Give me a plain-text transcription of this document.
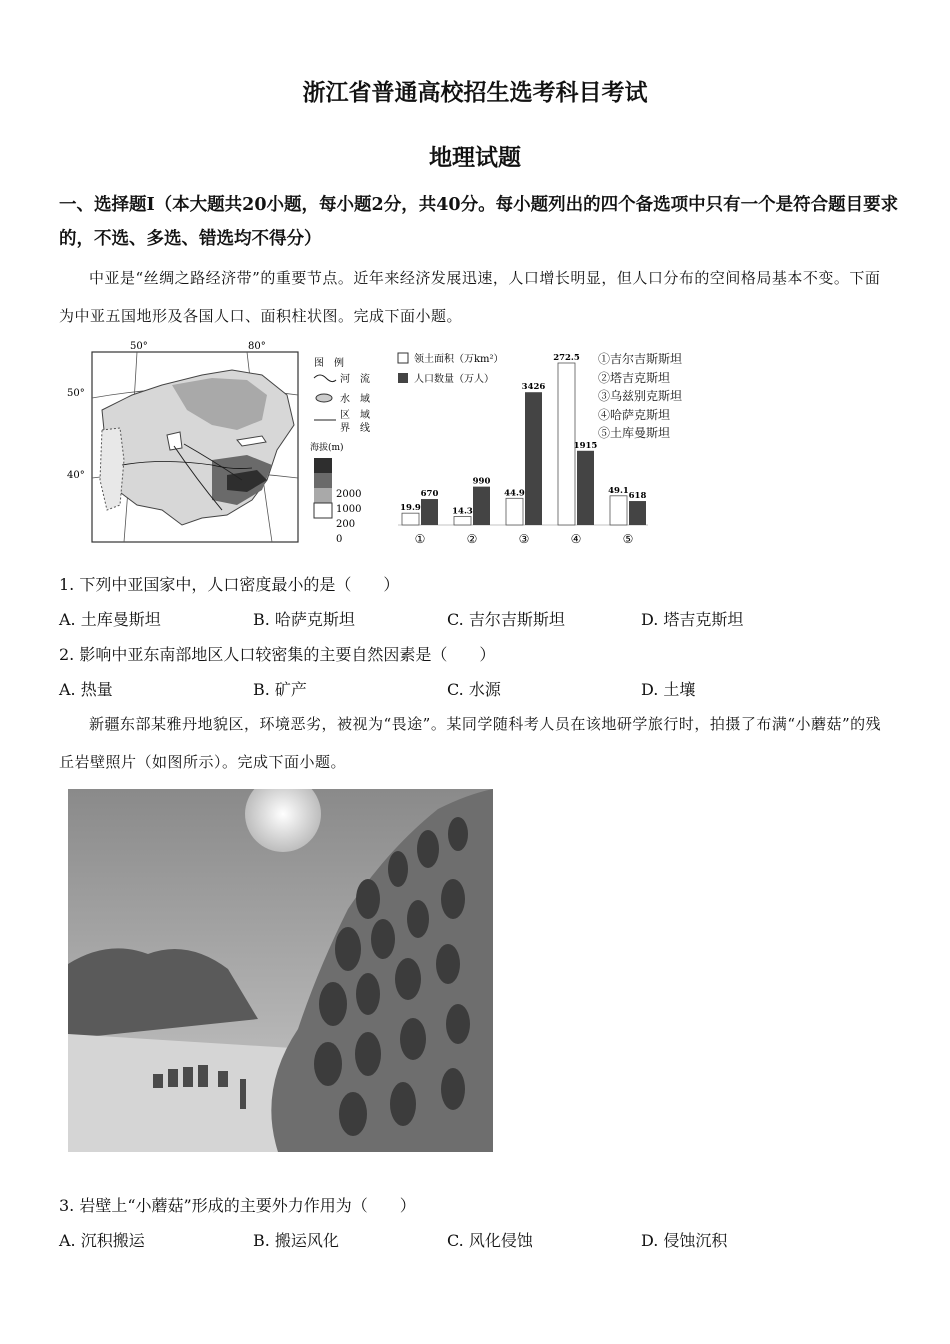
浙江省普通高校招生选考科目考试
地理试题
一、选择题Ⅰ（本大题共20小题，每小题2分，共40分。每小题列出的四个备选项中只有一个是符合题目要求的，不选、多选、错选均不得分）
中亚是“丝绸之路经济带”的重要节点。近年来经济发展迅速，人口增长明显，但人口分布的空间格局基本不变。下面为中亚五国地形及各国人口、面积柱状图。完成下面小题。
50°	80°
50°
40°
图　例
河　流
水　域
区　域
界　线
海拔(m)
2000
1000
200
0
领土面积（万km²）
人口数量（万人）
19.9
670
①
14.3
990
②
44.9
3426
③
272.5
1915
④
49.1
618
⑤
①吉尔吉斯斯坦
②塔吉克斯坦
③乌兹别克斯坦
④哈萨克斯坦
⑤土库曼斯坦
1. 下列中亚国家中，人口密度最小的是（　　）
A. 土库曼斯坦	B. 哈萨克斯坦	C. 吉尔吉斯斯坦	D. 塔吉克斯坦
2. 影响中亚东南部地区人口较密集的主要自然因素是（　　）
A. 热量	B. 矿产	C. 水源	D. 土壤
新疆东部某雅丹地貌区，环境恶劣，被视为“畏途”。某同学随科考人员在该地研学旅行时，拍摄了布满“小蘑菇”的残丘岩壁照片（如图所示）。完成下面小题。
3. 岩壁上“小蘑菇”形成的主要外力作用为（　　）
A. 沉积搬运	B. 搬运风化	C. 风化侵蚀	D. 侵蚀沉积
